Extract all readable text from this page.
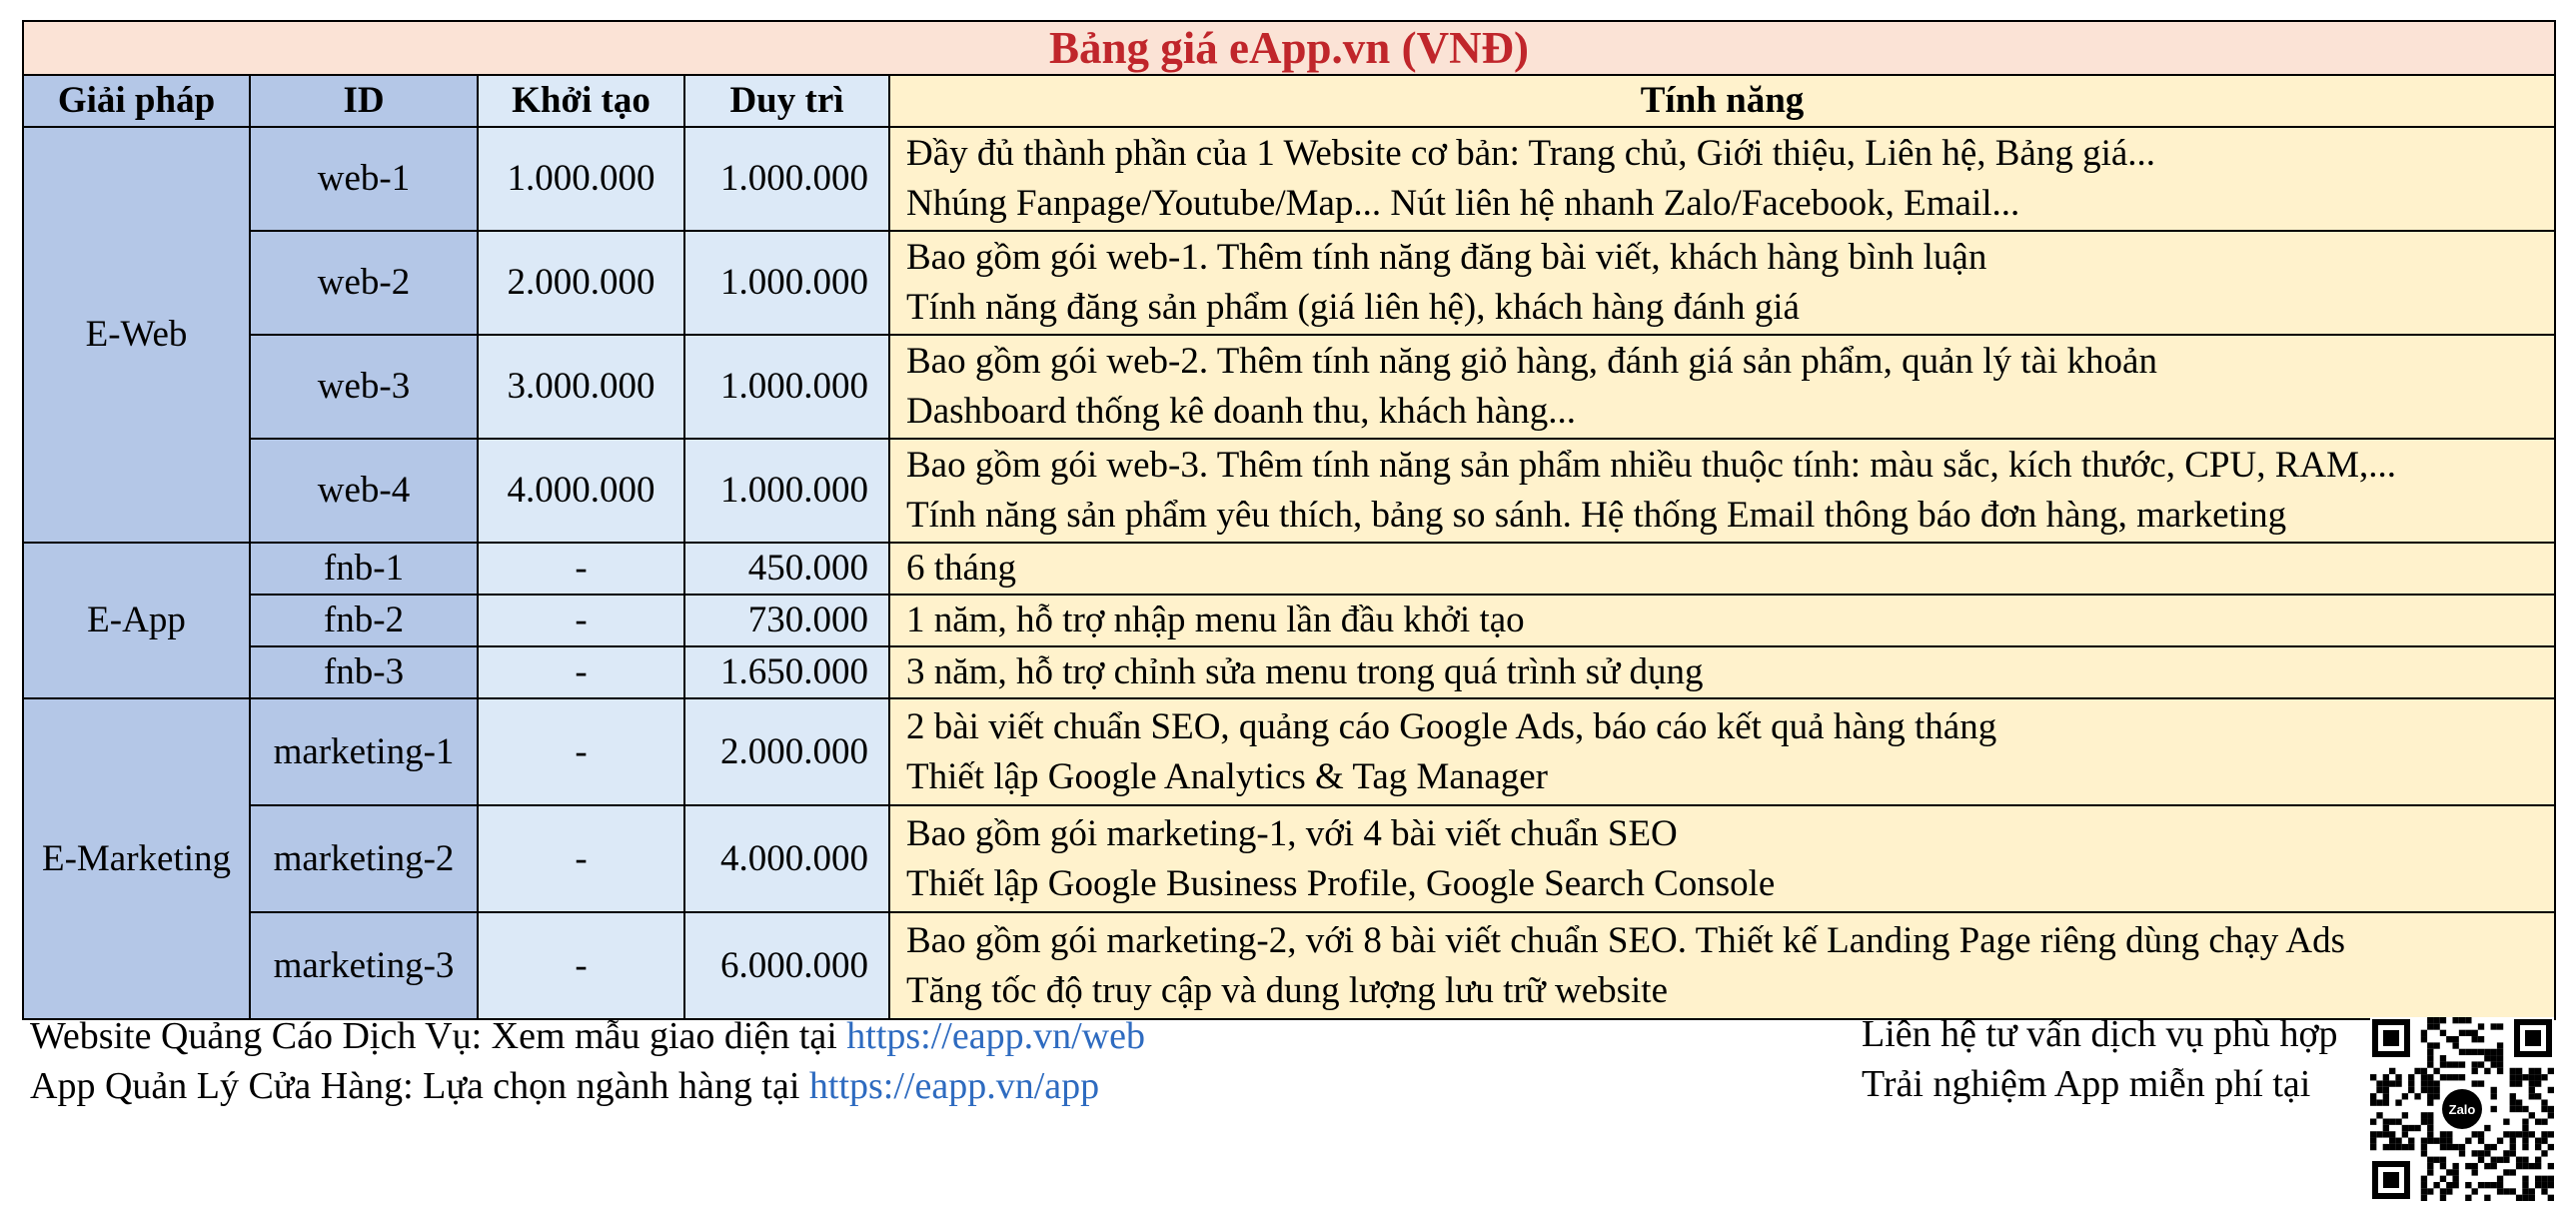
Bảng giá eApp.vn (VNĐ)				
Giải pháp	ID	Khởi tạo	Duy trì	Tính năng
E-Web	web-1	1.000.000	1.000.000	Đầy đủ thành phần của 1 Website cơ bản: Trang chủ, Giới thiệu, Liên hệ, Bảng giá...
Nhúng Fanpage/Youtube/Map... Nút liên hệ nhanh Zalo/Facebook, Email...

	web-2	2.000.000	1.000.000	Bao gồm gói web-1. Thêm tính năng đăng bài viết, khách hàng bình luận
Tính năng đăng sản phẩm (giá liên hệ), khách hàng đánh giá

	web-3	3.000.000	1.000.000	Bao gồm gói web-2. Thêm tính năng giỏ hàng, đánh giá sản phẩm, quản lý tài khoản
Dashboard thống kê doanh thu, khách hàng...

	web-4	4.000.000	1.000.000	Bao gồm gói web-3. Thêm tính năng sản phẩm nhiều thuộc tính: màu sắc, kích thước, CPU, RAM,...
Tính năng sản phẩm yêu thích, bảng so sánh. Hệ thống Email thông báo đơn hàng, marketing

E-App	fnb-1	-	450.000	6 tháng

	fnb-2	-	730.000	1 năm, hỗ trợ nhập menu lần đầu khởi tạo

	fnb-3	-	1.650.000	3 năm, hỗ trợ chỉnh sửa menu trong quá trình sử dụng

E-Marketing	marketing-1	-	2.000.000	2 bài viết chuẩn SEO, quảng cáo Google Ads, báo cáo kết quả hàng tháng
Thiết lập Google Analytics & Tag Manager

	marketing-2	-	4.000.000	Bao gồm gói marketing-1, với 4 bài viết chuẩn SEO
Thiết lập Google Business Profile, Google Search Console

	marketing-3	-	6.000.000	Bao gồm gói marketing-2, với 8 bài viết chuẩn SEO. Thiết kế Landing Page riêng dùng chạy Ads
Tăng tốc độ truy cập và dung lượng lưu trữ website
Website Quảng Cáo Dịch Vụ: Xem mẫu giao diện tại https://eapp.vn/web
App Quản Lý Cửa Hàng: Lựa chọn ngành hàng tại https://eapp.vn/app
Liên hệ tư vấn dịch vụ phù hợp
Trải nghiệm App miễn phí tại
Zalo
